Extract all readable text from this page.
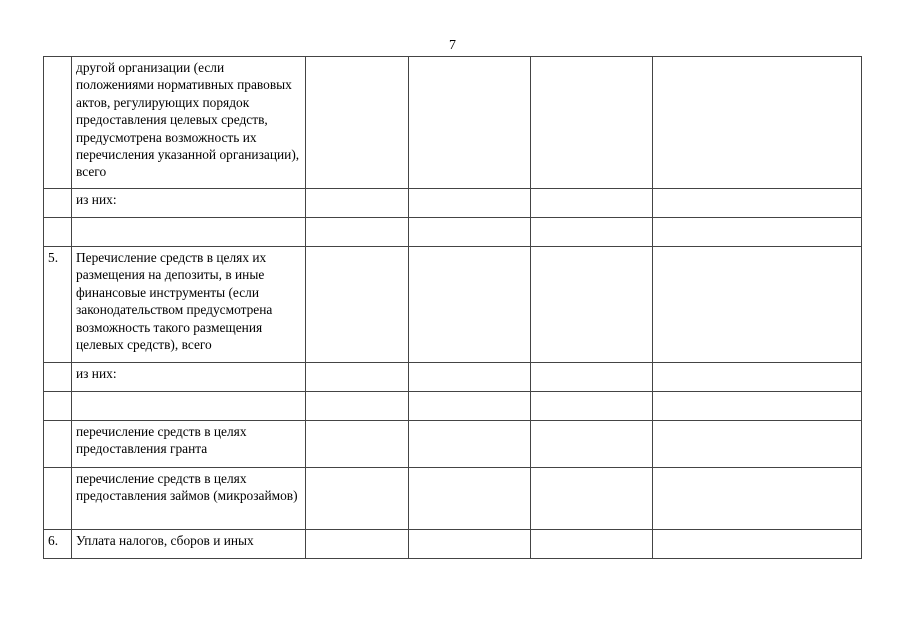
7
	другой организации (если положениями нормативных правовых актов, регулирующих порядок предоставления целевых средств, предусмотрена возможность их перечисления указанной организации), всего				
	из них:				

5.	Перечисление средств в целях их размещения на депозиты, в иные финансовые инструменты (если законодательством предусмотрена возможность такого размещения целевых средств), всего				
	из них:				

	перечисление средств в целях предоставления гранта				
	перечисление средств в целях предоставления займов (микрозаймов)				
6.	Уплата налогов, сборов и иных				
